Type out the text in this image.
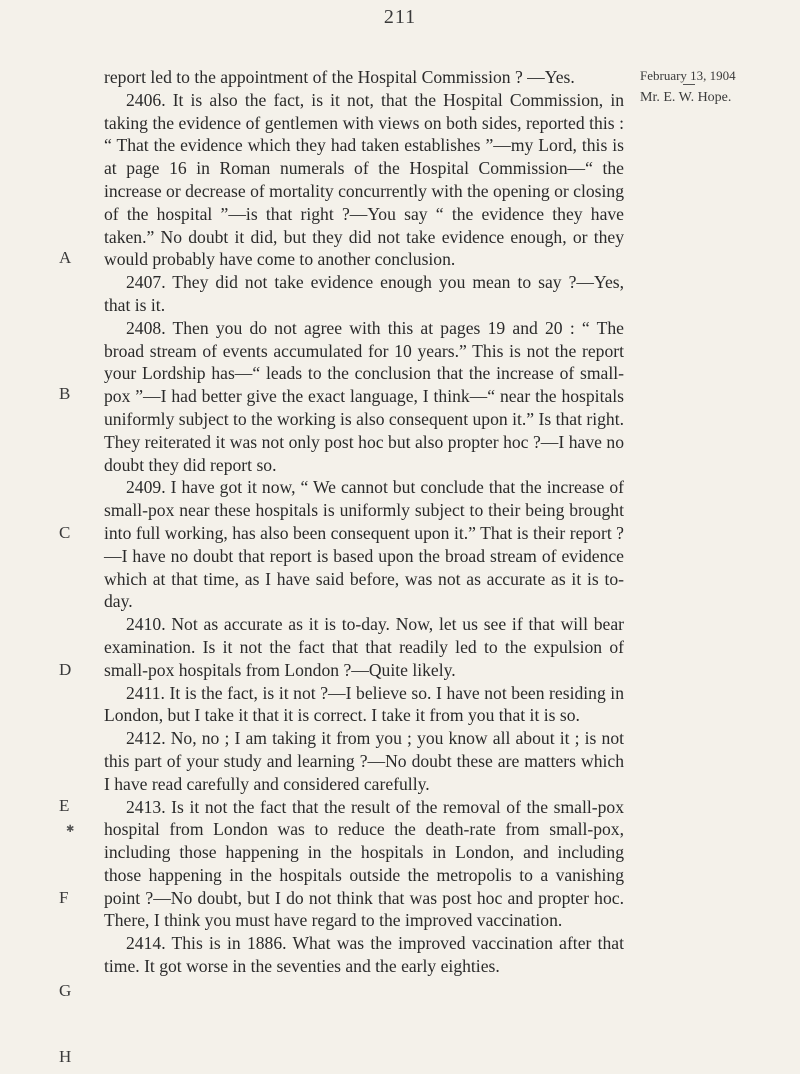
211
February 13, 1904
Mr. E. W. Hope.
A
B
C
D
E
✱
F
G
H

report led to the appointment of the Hospital Commission ? —Yes.

2406. It is also the fact, is it not, that the Hospital Commission, in taking the evidence of gentlemen with views on both sides, reported this : “ That the evidence which they had taken establishes ”—my Lord, this is at page 16 in Roman numerals of the Hospital Commission—“ the increase or decrease of mortality concurrently with the opening or closing of the hospital ”—is that right ?—You say “ the evidence they have taken.” No doubt it did, but they did not take evidence enough, or they would probably have come to another conclusion.

2407. They did not take evidence enough you mean to say ?—Yes, that is it.

2408. Then you do not agree with this at pages 19 and 20 : “ The broad stream of events accumulated for 10 years.” This is not the report your Lordship has—“ leads to the conclusion that the increase of small-pox ”—I had better give the exact language, I think—“ near the hospitals uniformly subject to the working is also consequent upon it.” Is that right. They reiterated it was not only post hoc but also propter hoc ?—I have no doubt they did report so.

2409. I have got it now, “ We cannot but conclude that the increase of small-pox near these hospitals is uniformly subject to their being brought into full working, has also been consequent upon it.” That is their report ?—I have no doubt that report is based upon the broad stream of evidence which at that time, as I have said before, was not as accurate as it is to-day.

2410. Not as accurate as it is to-day. Now, let us see if that will bear examination. Is it not the fact that that readily led to the expulsion of small-pox hospitals from London ?—Quite likely.

2411. It is the fact, is it not ?—I believe so. I have not been residing in London, but I take it that it is correct. I take it from you that it is so.

2412. No, no ; I am taking it from you ; you know all about it ; is not this part of your study and learning ?—No doubt these are matters which I have read carefully and considered carefully.

2413. Is it not the fact that the result of the removal of the small-pox hospital from London was to reduce the death-rate from small-pox, including those happening in the hospitals in London, and including those happening in the hospitals outside the metropolis to a vanishing point ?—No doubt, but I do not think that was post hoc and propter hoc. There, I think you must have regard to the improved vaccination.

2414. This is in 1886. What was the improved vaccination after that time. It got worse in the seventies and the early eighties.
